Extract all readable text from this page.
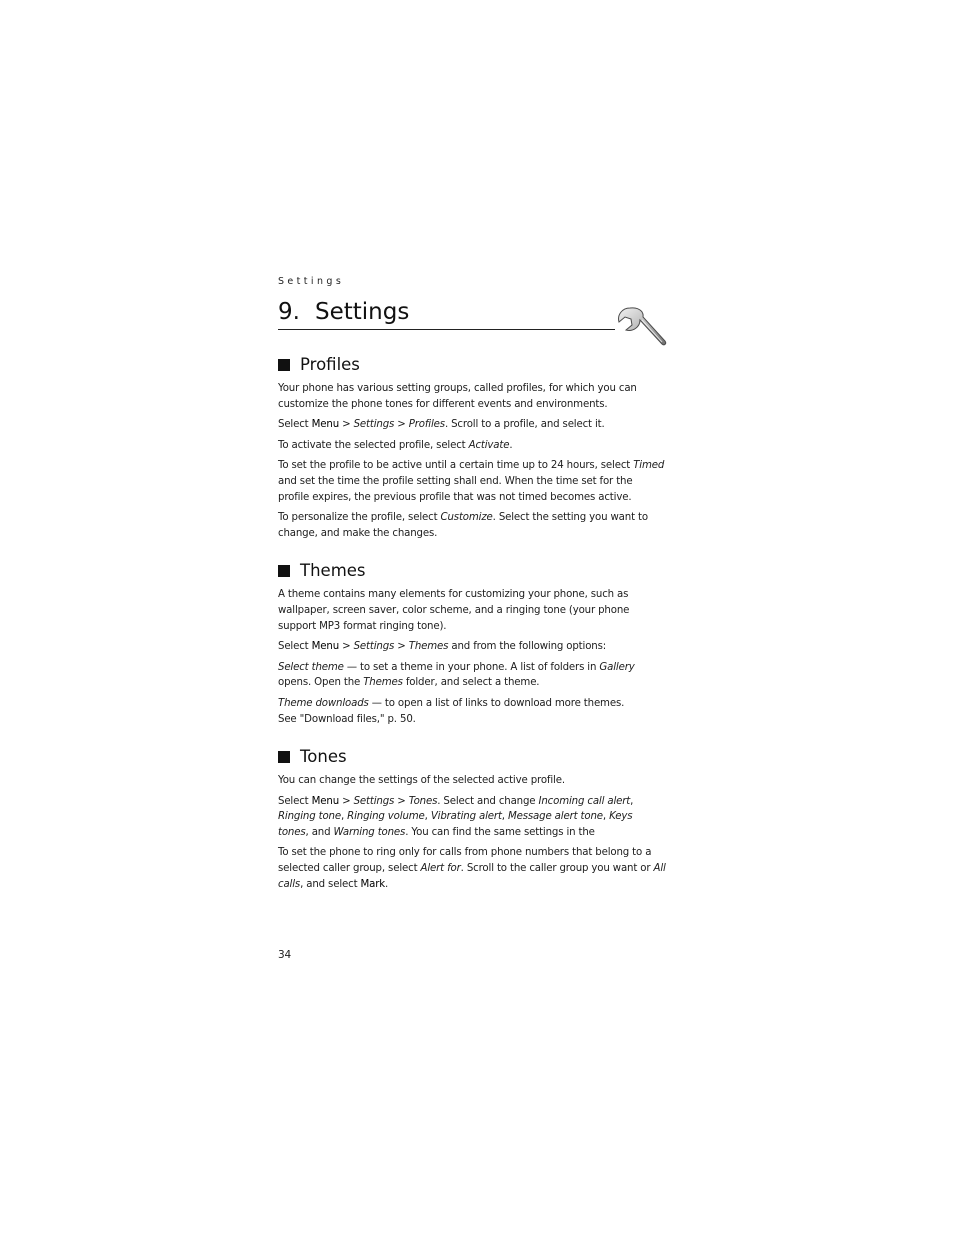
Settings

9. Settings
Profiles

Your phone has various setting groups, called profiles, for which you can customize the phone tones for different events and environments.

Select Menu > Settings > Profiles. Scroll to a profile, and select it.

To activate the selected profile, select Activate.

To set the profile to be active until a certain time up to 24 hours, select Timed and set the time the profile setting shall end. When the time set for the profile expires, the previous profile that was not timed becomes active.

To personalize the profile, select Customize. Select the setting you want to change, and make the changes.

Themes

A theme contains many elements for customizing your phone, such as wallpaper, screen saver, color scheme, and a ringing tone (your phone support MP3 format ringing tone).

Select Menu > Settings > Themes and from the following options:

Select theme — to set a theme in your phone. A list of folders in Gallery opens. Open the Themes folder, and select a theme.

Theme downloads — to open a list of links to download more themes.
See "Download files," p. 50.

Tones

You can change the settings of the selected active profile.

Select Menu > Settings > Tones. Select and change Incoming call alert, Ringing tone, Ringing volume, Vibrating alert, Message alert tone, Keys tones, and Warning tones. You can find the same settings in the

To set the phone to ring only for calls from phone numbers that belong to a selected caller group, select Alert for. Scroll to the caller group you want or All calls, and select Mark.

34
